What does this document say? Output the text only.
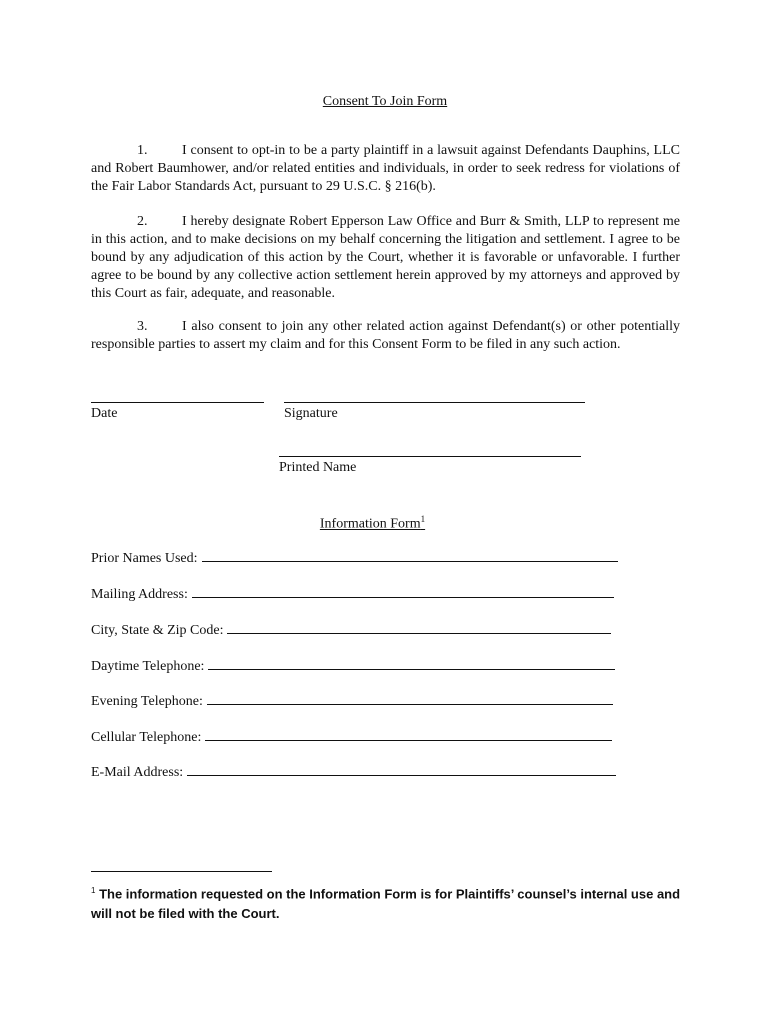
Consent To Join Form
1. I consent to opt-in to be a party plaintiff in a lawsuit against Defendants Dauphins, LLC and Robert Baumhower, and/or related entities and individuals, in order to seek redress for violations of the Fair Labor Standards Act, pursuant to 29 U.S.C. § 216(b).
2. I hereby designate Robert Epperson Law Office and Burr & Smith, LLP to represent me in this action, and to make decisions on my behalf concerning the litigation and settlement. I agree to be bound by any adjudication of this action by the Court, whether it is favorable or unfavorable. I further agree to be bound by any collective action settlement herein approved by my attorneys and approved by this Court as fair, adequate, and reasonable.
3. I also consent to join any other related action against Defendant(s) or other potentially responsible parties to assert my claim and for this Consent Form to be filed in any such action.
Date	Signature
Printed Name
Information Form$^1$
Prior Names Used:
Mailing Address:
City, State & Zip Code:
Daytime Telephone:
Evening Telephone:
Cellular Telephone:
E-Mail Address:
$^1$ The information requested on the Information Form is for Plaintiffs’ counsel’s internal use and will not be filed with the Court.
